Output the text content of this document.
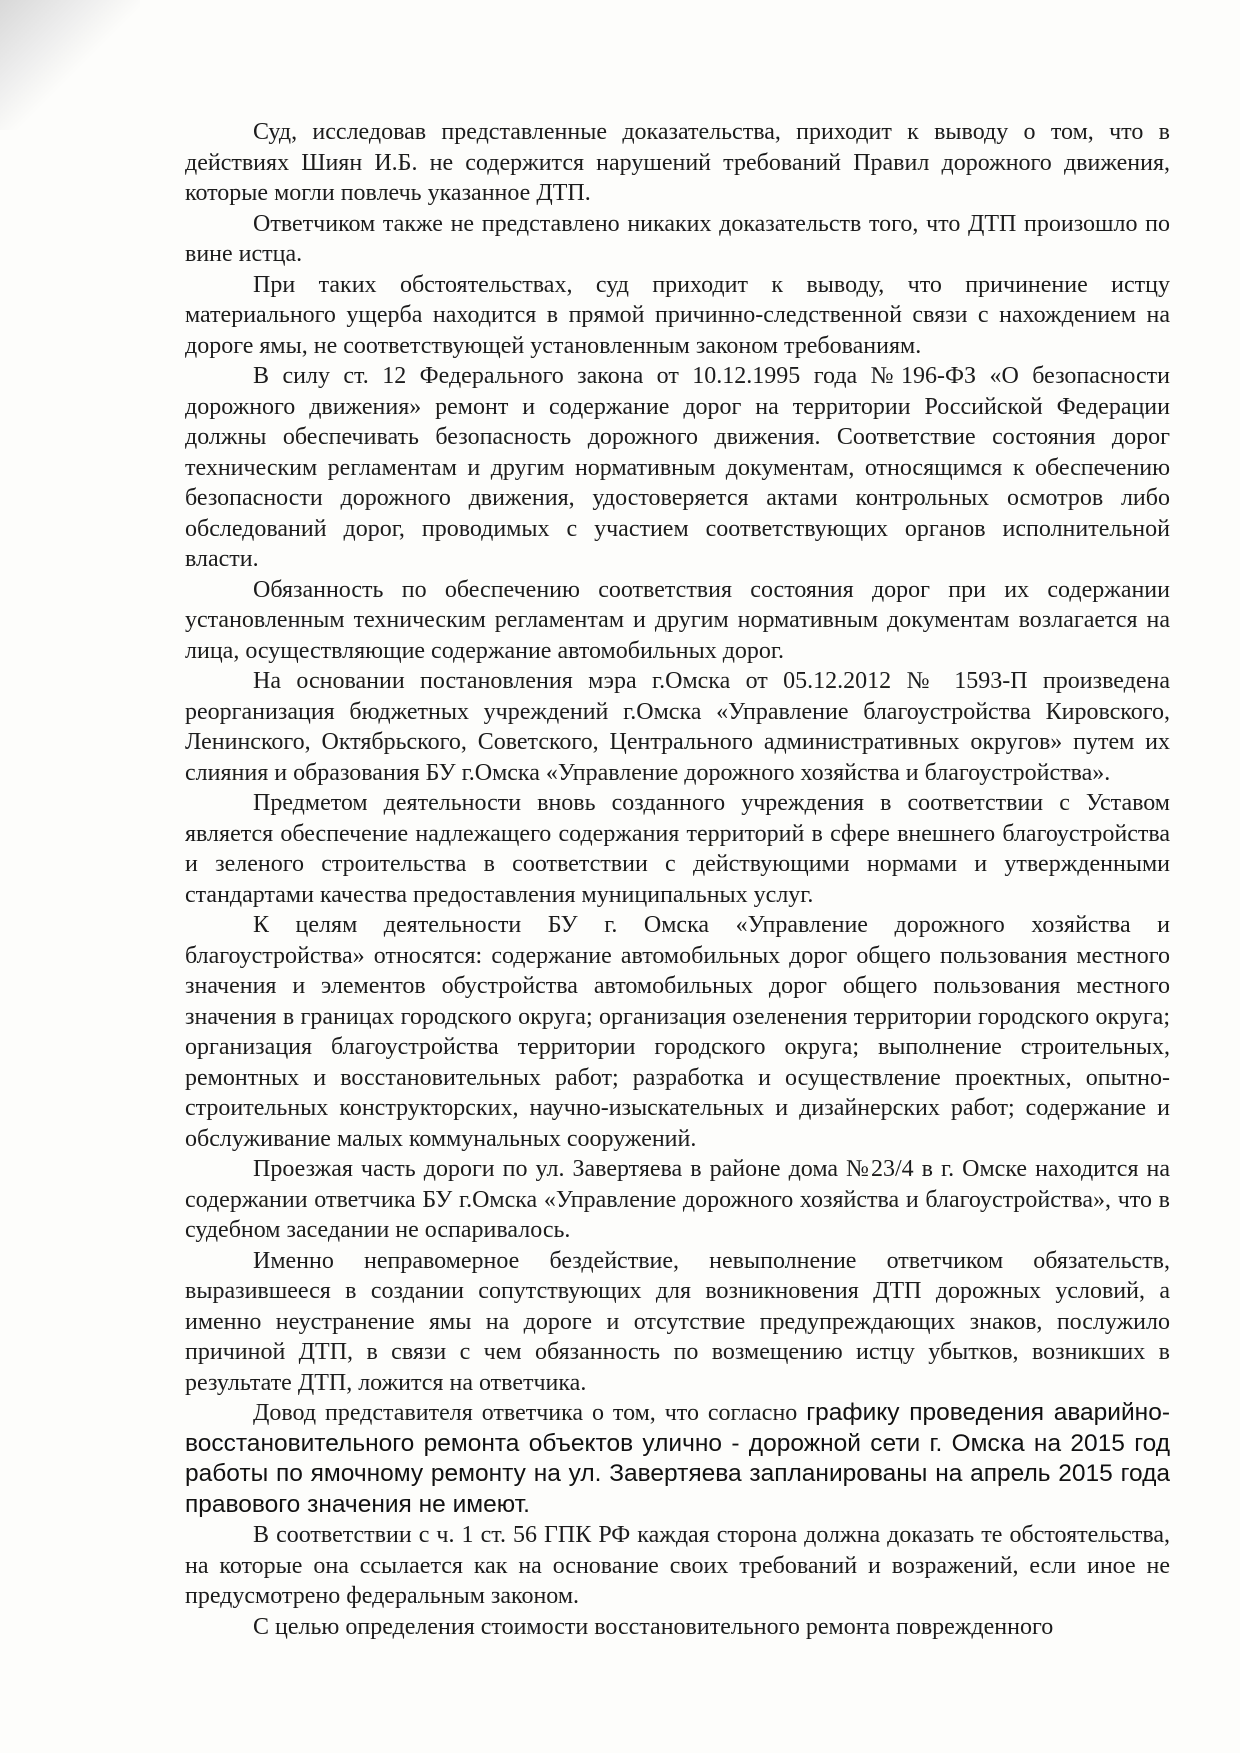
Суд, исследовав представленные доказательства, приходит к выводу о том, что в действиях Шиян И.Б. не содержится нарушений требований Правил дорожного движения, которые могли повлечь указанное ДТП.

Ответчиком также не представлено никаких доказательств того, что ДТП произошло по вине истца.

При таких обстоятельствах, суд приходит к выводу, что причинение истцу материального ущерба находится в прямой причинно-следственной связи с нахождением на дороге ямы, не соответствующей установленным законом требованиям.

В силу ст. 12 Федерального закона от 10.12.1995 года №196-ФЗ «О безопасности дорожного движения» ремонт и содержание дорог на территории Российской Федерации должны обеспечивать безопасность дорожного движения. Соответствие состояния дорог техническим регламентам и другим нормативным документам, относящимся к обеспечению безопасности дорожного движения, удостоверяется актами контрольных осмотров либо обследований дорог, проводимых с участием соответствующих органов исполнительной власти.

Обязанность по обеспечению соответствия состояния дорог при их содержании установленным техническим регламентам и другим нормативным документам возлагается на лица, осуществляющие содержание автомобильных дорог.

На основании постановления мэра г.Омска от 05.12.2012 № 1593-П произведена реорганизация бюджетных учреждений г.Омска «Управление благоустройства Кировского, Ленинского, Октябрьского, Советского, Центрального административных округов» путем их слияния и образования БУ г.Омска «Управление дорожного хозяйства и благоустройства».

Предметом деятельности вновь созданного учреждения в соответствии с Уставом является обеспечение надлежащего содержания территорий в сфере внешнего благоустройства и зеленого строительства в соответствии с действующими нормами и утвержденными стандартами качества предоставления муниципальных услуг.

К целям деятельности БУ г. Омска «Управление дорожного хозяйства и благоустройства» относятся: содержание автомобильных дорог общего пользования местного значения и элементов обустройства автомобильных дорог общего пользования местного значения в границах городского округа; организация озеленения территории городского округа; организация благоустройства территории городского округа; выполнение строительных, ремонтных и восстановительных работ; разработка и осуществление проектных, опытно-строительных конструкторских, научно-изыскательных и дизайнерских работ; содержание и обслуживание малых коммунальных сооружений.

Проезжая часть дороги по ул. Завертяева в районе дома №23/4 в г. Омске находится на содержании ответчика БУ г.Омска «Управление дорожного хозяйства и благоустройства», что в судебном заседании не оспаривалось.

Именно неправомерное бездействие, невыполнение ответчиком обязательств, выразившееся в создании сопутствующих для возникновения ДТП дорожных условий, а именно неустранение ямы на дороге и отсутствие предупреждающих знаков, послужило причиной ДТП, в связи с чем обязанность по возмещению истцу убытков, возникших в результате ДТП, ложится на ответчика.

Довод представителя ответчика о том, что согласно графику проведения аварийно-восстановительного ремонта объектов улично - дорожной сети г. Омска на 2015 год работы по ямочному ремонту на ул. Завертяева запланированы на апрель 2015 года правового значения не имеют.

В соответствии с ч. 1 ст. 56 ГПК РФ каждая сторона должна доказать те обстоятельства, на которые она ссылается как на основание своих требований и возражений, если иное не предусмотрено федеральным законом.

С целью определения стоимости восстановительного ремонта поврежденного
